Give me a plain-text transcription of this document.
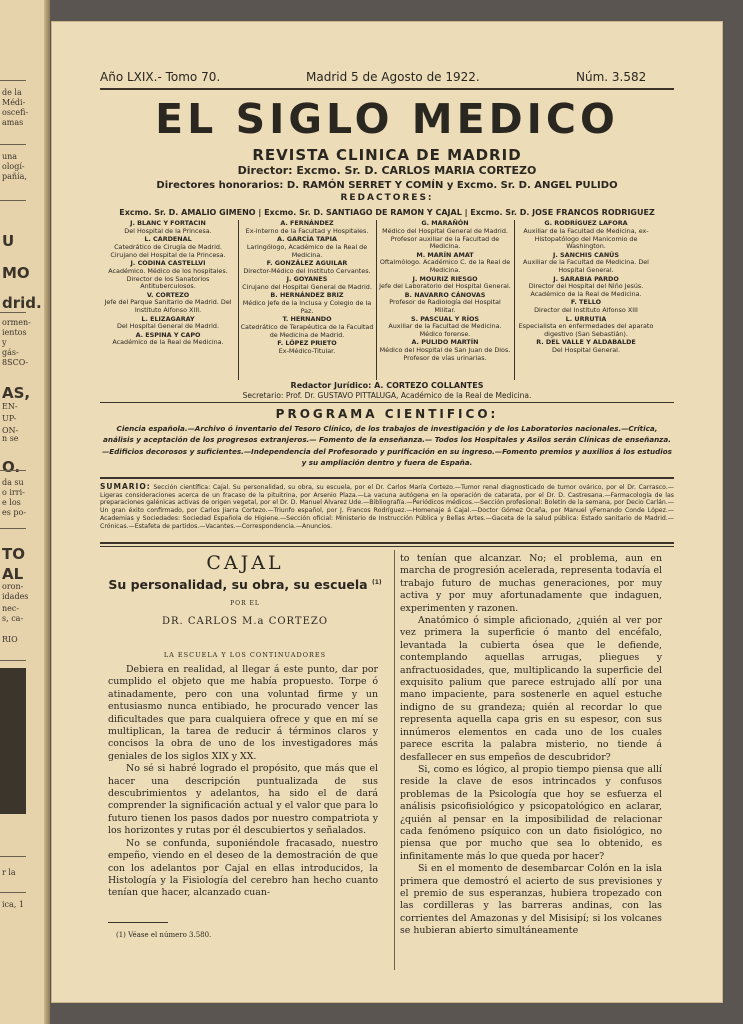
de la
Médi-
oscefi-
amas
una
ologí-
pañía,
ormen-
ientos
y
gás-
8SCO-
EN-
UP-
ON-
n se
da su
o irri-
e los
es po-
oron-
idades
nec-
s, ca-
RIO
r la
ica, 1
U
MO
drid.
AS,
O.
TO
AL
Año LXIX.- Tomo 70.	Madrid 5 de Agosto de 1922.	Núm. 3.582
EL SIGLO MEDICO
REVISTA CLINICA DE MADRID
Director: Excmo. Sr. D. CARLOS MARIA CORTEZO
Directores honorarios: D. RAMÓN SERRET Y COMÍN y Excmo. Sr. D. ANGEL PULIDO
REDACTORES:
Excmo. Sr. D. AMALIO GIMENO | Excmo. Sr. D. SANTIAGO DE RAMON Y CAJAL | Excmo. Sr. D. JOSE FRANCOS RODRIGUEZ
J. BLANC Y FORTACIN

Del Hospital de la Princesa.

L. CARDENAL

Catedrático de Cirugía de Madrid. Cirujano del Hospital de la Princesa.

J. CODINA CASTELLVI

Académico. Médico de los hospitales. Director de los Sanatorios Antituberculosos.

V. CORTEZO

Jefe del Parque Sanitario de Madrid. Del Instituto Alfonso XIII.

L. ELIZAGARAY

Del Hospital General de Madrid.

A. ESPINA Y CAPO

Académico de la Real de Medicina.

A. FERNÁNDEZ

Ex-interno de la Facultad y Hospitales.

A. GARCÍA TAPIA

Laringólogo, Académico de la Real de Medicina.

F. GONZÁLEZ AGUILAR

Director-Médico del Instituto Cervantes.

J. GOYANES

Cirujano del Hospital General de Madrid.

B. HERNÁNDEZ BRIZ

Médico Jefe de la Inclusa y Colegio de la Paz.

T. HERNANDO

Catedrático de Terapéutica de la Facultad de Medicina de Madrid.

F. LÓPEZ PRIETO

Ex-Médico-Titular.

G. MARAÑÓN

Médico del Hospital General de Madrid. Profesor auxiliar de la Facultad de Medicina.

M. MARÍN AMAT

Oftalmólogo. Académico C. de la Real de Medicina.

J. MOURIZ RIESGO

Jefe del Laboratorio del Hospital General.

B. NAVARRO CÁNOVAS

Profesor de Radiología del Hospital Militar.

S. PASCUAL Y RÍOS

Auxiliar de la Facultad de Medicina. Médico forense.

A. PULIDO MARTÍN

Médico del Hospital de San Juan de Dios. Profesor de vías urinarias.

G. RODRÍGUEZ LAFORA

Auxiliar de la Facultad de Medicina, ex-Histopatólogo del Manicomio de Washington.

J. SANCHIS CANÚS

Auxiliar de la Facultad de Medicina. Del Hospital General.

J. SARABIA PARDO

Director del Hospital del Niño Jesús. Académico de la Real de Medicina.

F. TELLO

Director del Instituto Alfonso XIII

L. URRUTIA

Especialista en enfermedades del aparato digestivo (San Sebastián).

R. DEL VALLE Y ALDABALDE

Del Hospital General.

Redactor Jurídico: A. CORTEZO COLLANTES
Secretario: Prof. Dr. GUSTAVO PITTALUGA, Académico de la Real de Medicina.
PROGRAMA CIENTIFICO:
Ciencia española.—Archivo ó inventario del Tesoro Clínico, de los trabajos de investigación y de los Laboratorios nacionales.—Crítica, análisis y aceptación de los progresos extranjeros.— Fomento de la enseñanza.— Todos los Hospitales y Asilos serán Clínicas de enseñanza.—Edificios decorosos y suficientes.—Independencia del Profesorado y purificación en su ingreso.—Fomento premios y auxilios á los estudios y su ampliación dentro y fuera de España.
SUMARIO: Sección científica: Cajal. Su personalidad, su obra, su escuela, por el Dr. Carlos María Cortezo.—Tumor renal diagnosticado de tumor ovárico, por el Dr. Carrasco.—Ligeras consideraciones acerca de un fracaso de la pituitrina, por Arsenio Plaza.—La vacuna autógena en la operación de catarata, por el Dr. D. Castresana.—Farmacología de las preparaciones galénicas activas de origen vegetal, por el Dr. D. Manuel Alvarez Ude.—Bibliografía.—Periódicos médicos.—Sección profesional: Boletín de la semana, por Decio Carlán.—Un gran éxito confirmado, por Carlos Jiarra Cortezo.—Triunfo español, por J. Francos Rodríguez.—Homenaje á Cajal.—Doctor Gómez Ocaña, por Manuel yFernando Conde López.—Academias y Sociedades: Sociedad Española de Higiene.—Sección oficial: Ministerio de Instrucción Pública y Bellas Artes.—Gaceta de la salud pública: Estado sanitario de Madrid.—Crónicas.—Estafeta de partidos.—Vacantes.—Correspondencia.—Anuncios.
CAJAL
Su personalidad, su obra, su escuela $^{(1)}$
POR EL
DR. CARLOS M.a CORTEZO
LA ESCUELA Y LOS CONTINUADORES

Debiera en realidad, al llegar á este punto, dar por cumplido el objeto que me había propuesto. Torpe ó atinadamente, pero con una voluntad firme y un entusiasmo nunca entibiado, he procurado vencer las dificultades que para cualquiera ofrece y que en mí se multiplican, la tarea de reducir á términos claros y concisos la obra de uno de los investigadores más geniales de los siglos XIX y XX.

No sé si habré logrado el propósito, que más que el hacer una descripción puntualizada de sus descubrimientos y adelantos, ha sido el de dará comprender la significación actual y el valor que para lo futuro tienen los pasos dados por nuestro compatriota y los horizontes y rutas por él descubiertos y señalados.

No se confunda, suponiéndole fracasado, nuestro empeño, viendo en el deseo de la demostración de que con los adelantos por Cajal en ellas introducidos, la Histología y la Fisiología del cerebro han hecho cuanto tenían que hacer, alcanzado cuan-

to tenían que alcanzar. No; el problema, aun en marcha de progresión acelerada, representa todavía el trabajo futuro de muchas generaciones, por muy activa y por muy afortunadamente que indaguen, experimenten y razonen.

Anatómico ó simple aficionado, ¿quién al ver por vez primera la superficie ó manto del encéfalo, levantada la cubierta ósea que le defiende, contemplando aquellas arrugas, pliegues y anfractuosidades, que, multiplicando la superficie del exquisito palium que parece estrujado allí por una mano impaciente, para sostenerle en aquel estuche indigno de su grandeza; quién al recordar lo que representa aquella capa gris en su espesor, con sus innúmeros elementos en cada uno de los cuales parece escrita la palabra misterio, no tiende á desfallecer en sus empeños de descubridor?

Si, como es lógico, al propio tiempo piensa que allí reside la clave de esos intrincados y confusos problemas de la Psicología que hoy se esfuerza el análisis psicofisiológico y psicopatológico en aclarar, ¿quién al pensar en la imposibilidad de relacionar cada fenómeno psíquico con un dato fisiológico, no piensa que por mucho que sea lo obtenido, es infinitamente más lo que queda por hacer?

Si en el momento de desembarcar Colón en la isla primera que demostró el acierto de sus previsiones y el premio de sus esperanzas, hubiera tropezado con las cordilleras y las barreras andinas, con las corrientes del Amazonas y del Misisipí; si los volcanes se hubieran abierto simultáneamente

(1) Véase el número 3.580.
